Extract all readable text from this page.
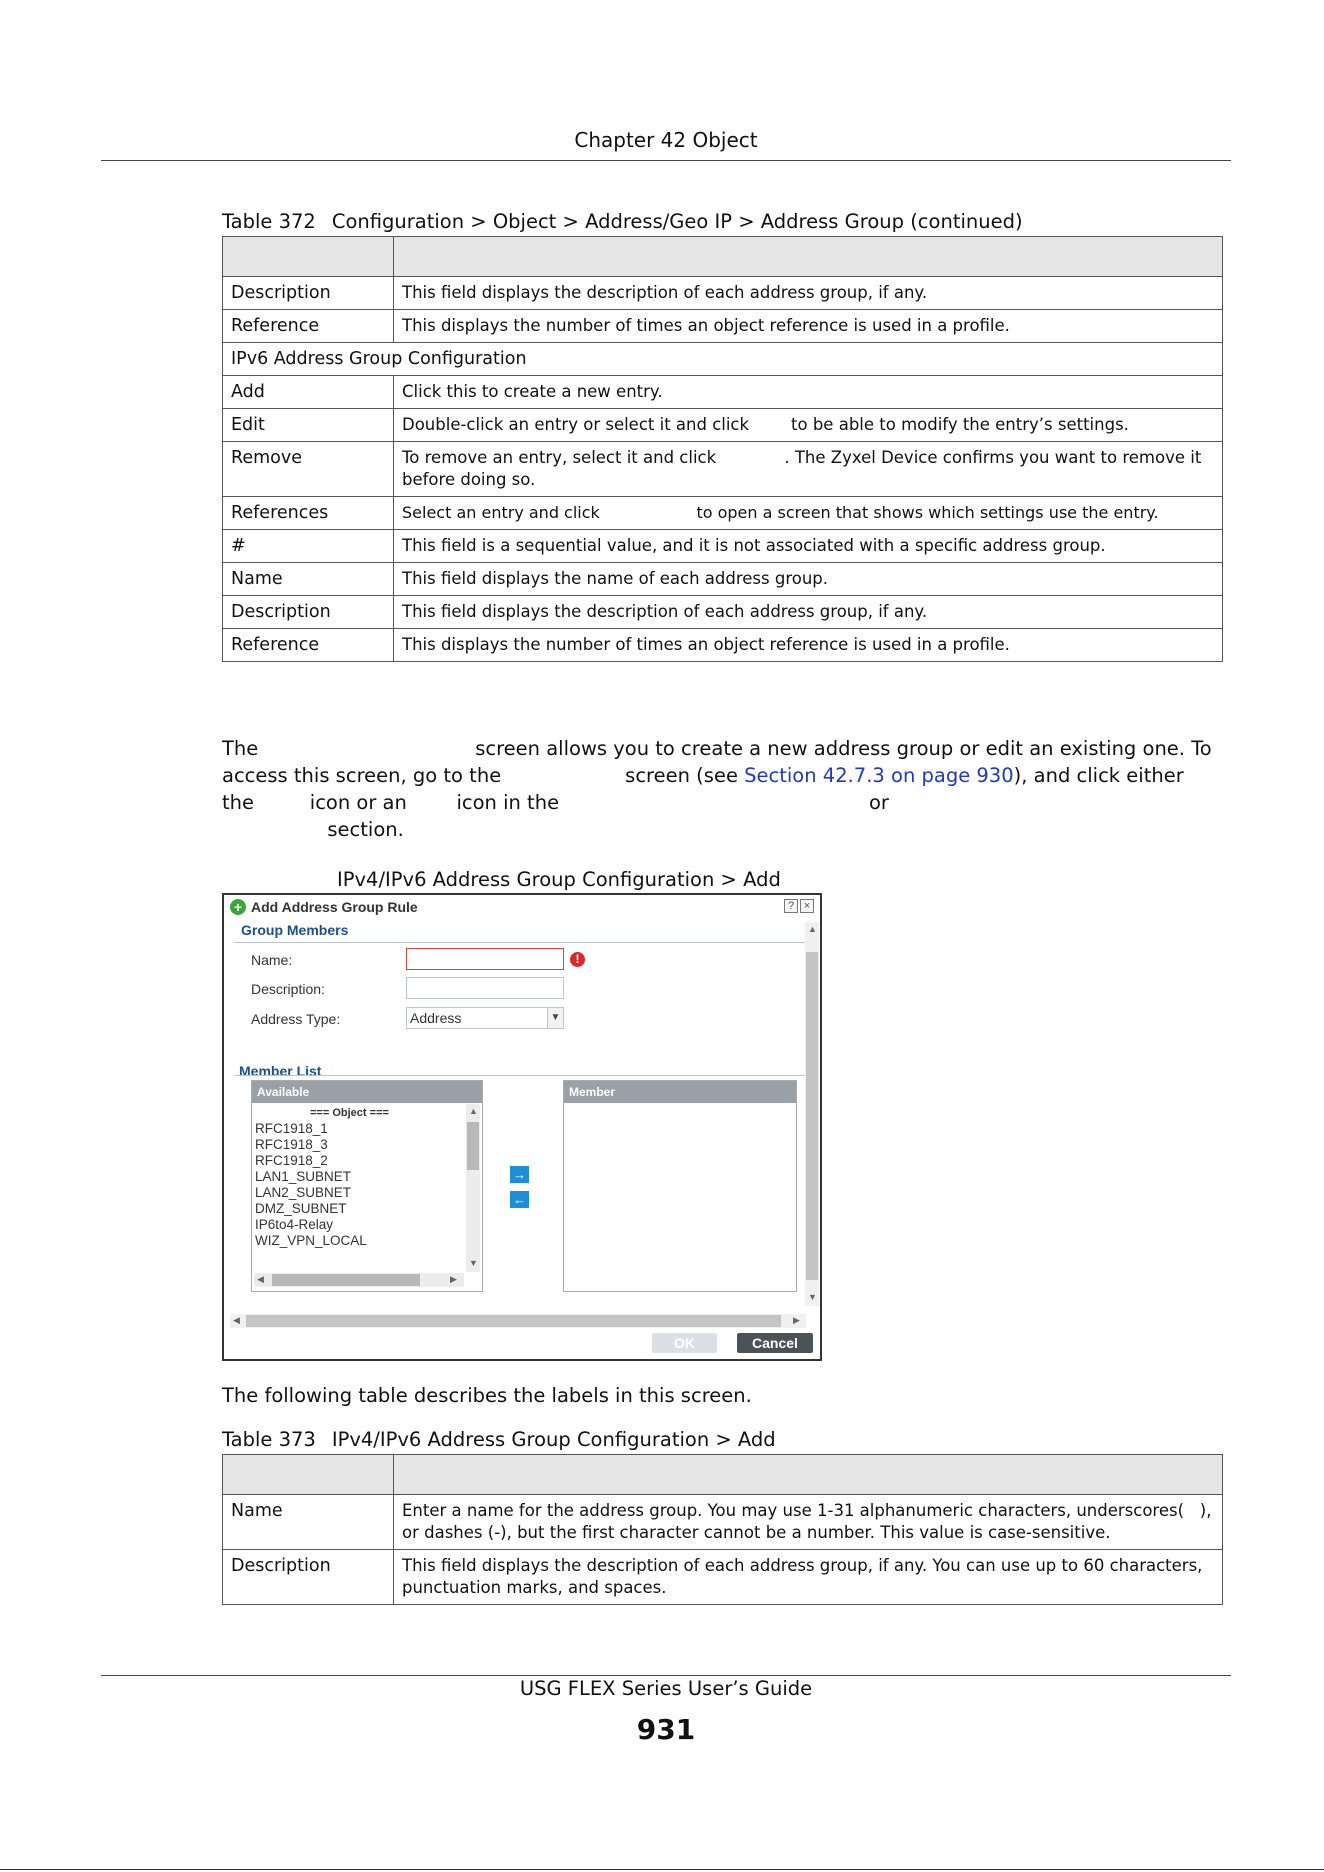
Chapter 42 Object
Table 372 Configuration > Object > Address/Geo IP > Address Group (continued)

Description	This field displays the description of each address group, if any.
Reference	This displays the number of times an object reference is used in a profile.
IPv6 Address Group Configuration	
Add	Click this to create a new entry.
Edit	Double-click an entry or select it and click        to be able to modify the entry’s settings.
Remove	To remove an entry, select it and click             . The Zyxel Device confirms you want to remove it before doing so.
References	Select an entry and click                   to open a screen that shows which settings use the entry.
#	This field is a sequential value, and it is not associated with a specific address group.
Name	This field displays the name of each address group.
Description	This field displays the description of each address group, if any.
Reference	This displays the number of times an object reference is used in a profile.
The                                   screen allows you to create a new address group or edit an existing one. To
access this screen, go to the                    screen (see Section 42.7.3 on page 930), and click either
the         icon or an        icon in the                                                  or
section.
IPv4/IPv6 Address Group Configuration > Add
+ Add Address Group Rule	? ×
Group Members
Name:	!
Description:
Address Type:	Address	▼
Member List
Available
=== Object ===
RFC1918_1
RFC1918_3
RFC1918_2
LAN1_SUBNET
LAN2_SUBNET
DMZ_SUBNET
IP6to4-Relay
WIZ_VPN_LOCAL
▲
▼
◀	▶
→
←
Member
▲
▼
◀	▶
OK	Cancel
The following table describes the labels in this screen.
Table 373 IPv4/IPv6 Address Group Configuration > Add

Name	Enter a name for the address group. You may use 1-31 alphanumeric characters, underscores(   ), or dashes (-), but the first character cannot be a number. This value is case-sensitive.
Description	This field displays the description of each address group, if any. You can use up to 60 characters, punctuation marks, and spaces.
USG FLEX Series User’s Guide
931
